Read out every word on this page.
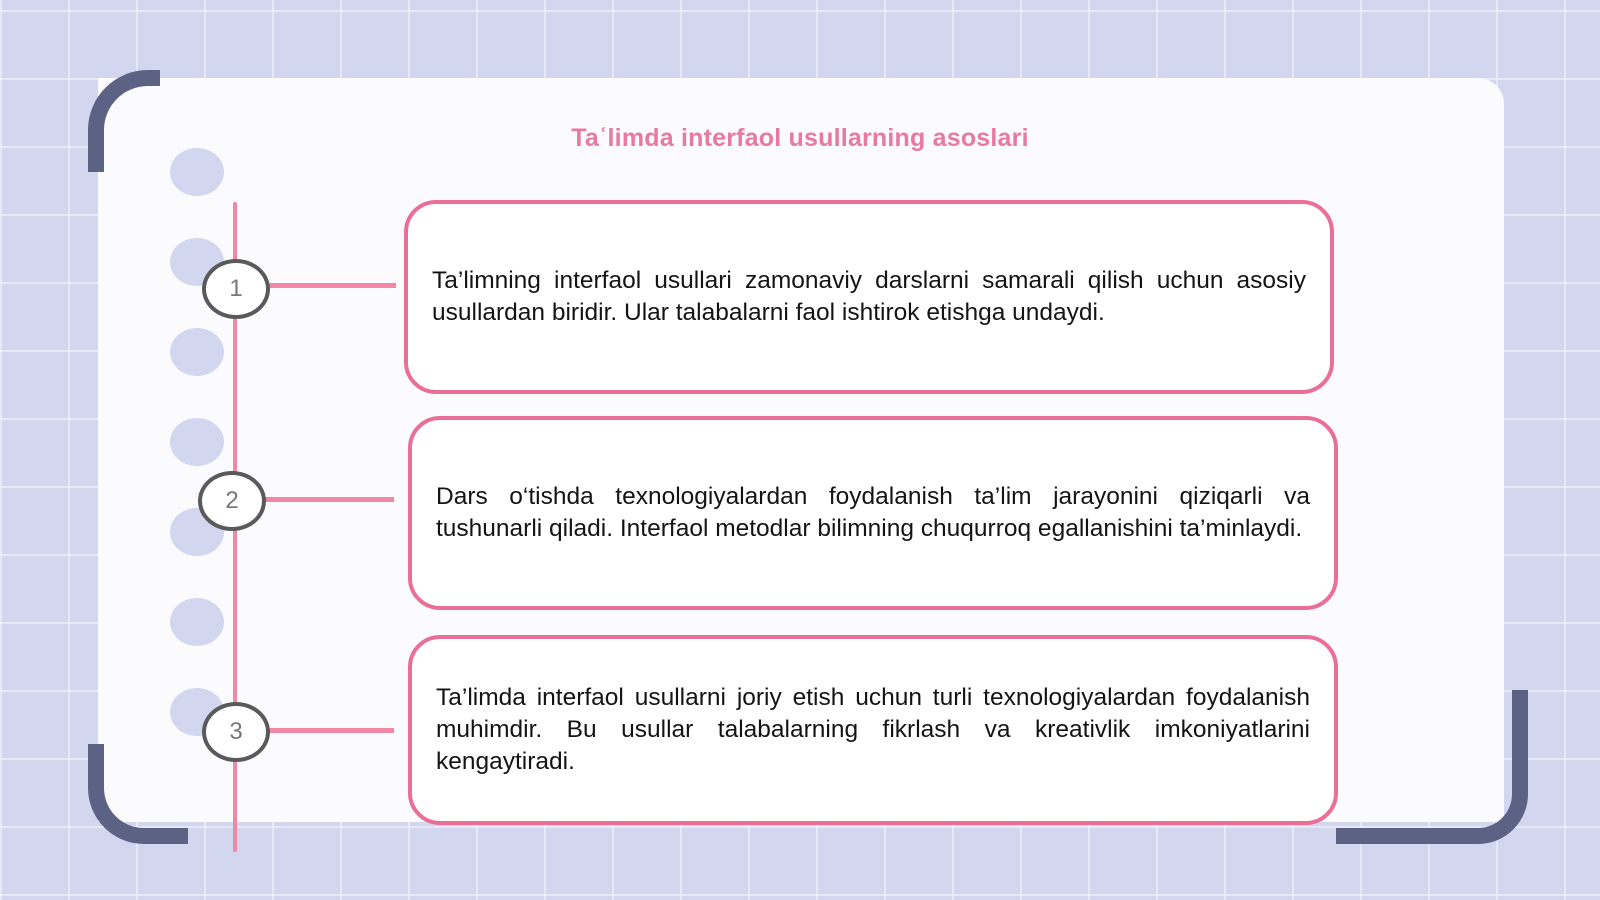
Taʿlimda interfaol usullarning asoslari
1
2
3

Ta’limning interfaol usullari zamonaviy darslarni samarali qilish uchun asosiy usullardan biridir. Ular talabalarni faol ishtirok etishga undaydi.

Dars o‘tishda texnologiyalardan foydalanish ta’lim jarayonini qiziqarli va tushunarli qiladi. Interfaol metodlar bilimning chuqurroq egallanishini ta’minlaydi.

Ta’limda interfaol usullarni joriy etish uchun turli texnologiyalardan foydalanish muhimdir. Bu usullar talabalarning fikrlash va kreativlik imkoniyatlarini kengaytiradi.
